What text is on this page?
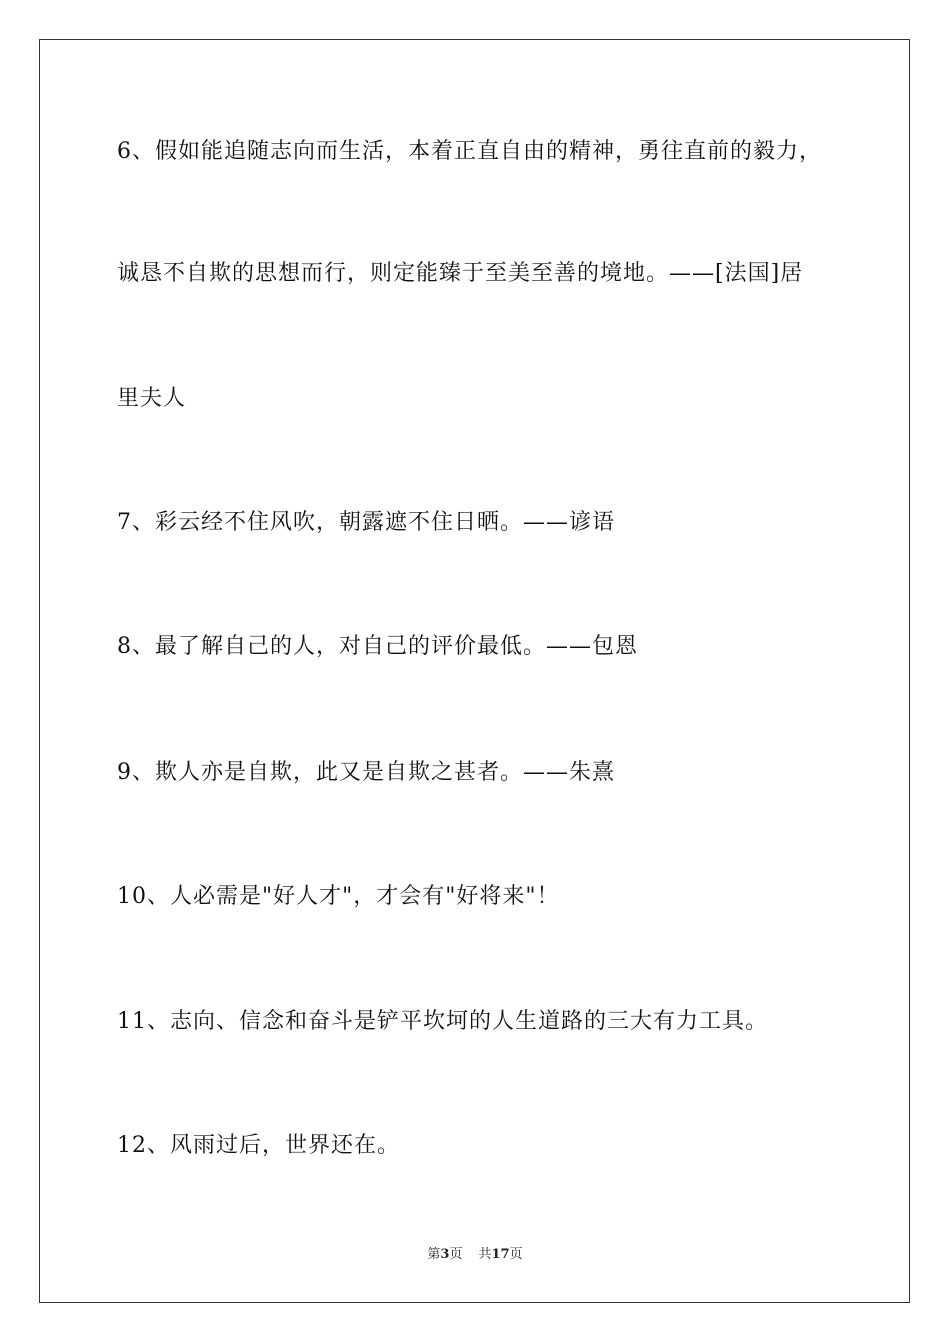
6、假如能追随志向而生活，本着正直自由的精神，勇往直前的毅力，
诚恳不自欺的思想而行，则定能臻于至美至善的境地。——[法国]居
里夫人
7、彩云经不住风吹，朝露遮不住日晒。——谚语
8、最了解自己的人，对自己的评价最低。——包恩
9、欺人亦是自欺，此又是自欺之甚者。——朱熹
10、人必需是"好人才"，才会有"好将来"！
11、志向、信念和奋斗是铲平坎坷的人生道路的三大有力工具。
12、风雨过后，世界还在。
第3页 共17页
